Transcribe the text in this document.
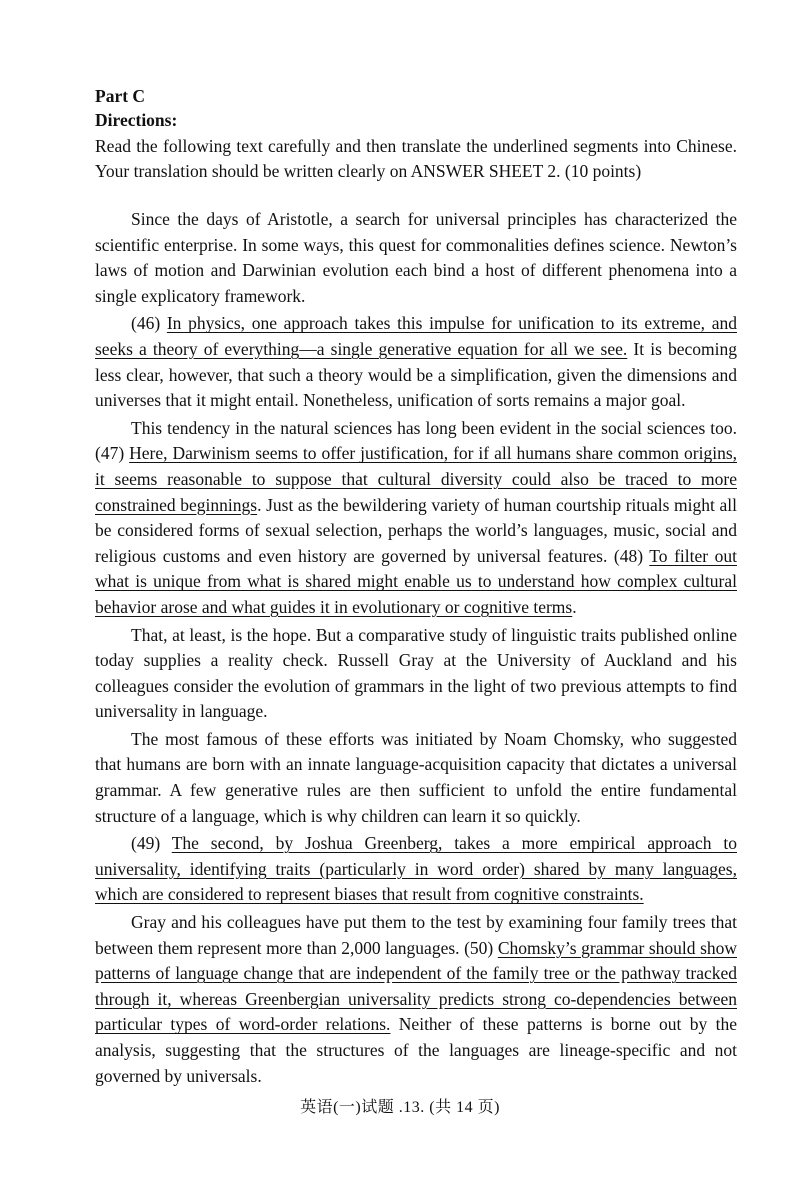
Part C
Directions:
Read the following text carefully and then translate the underlined segments into Chinese. Your translation should be written clearly on ANSWER SHEET 2. (10 points)

Since the days of Aristotle, a search for universal principles has characterized the scientific enterprise. In some ways, this quest for commonalities defines science. Newton’s laws of motion and Darwinian evolution each bind a host of different phenomena into a single explicatory framework.

(46) In physics, one approach takes this impulse for unification to its extreme, and seeks a theory of everything—a single generative equation for all we see. It is becoming less clear, however, that such a theory would be a simplification, given the dimensions and universes that it might entail. Nonetheless, unification of sorts remains a major goal.

This tendency in the natural sciences has long been evident in the social sciences too. (47) Here, Darwinism seems to offer justification, for if all humans share common origins, it seems reasonable to suppose that cultural diversity could also be traced to more constrained beginnings. Just as the bewildering variety of human courtship rituals might all be considered forms of sexual selection, perhaps the world’s languages, music, social and religious customs and even history are governed by universal features. (48) To filter out what is unique from what is shared might enable us to understand how complex cultural behavior arose and what guides it in evolutionary or cognitive terms.

That, at least, is the hope. But a comparative study of linguistic traits published online today supplies a reality check. Russell Gray at the University of Auckland and his colleagues consider the evolution of grammars in the light of two previous attempts to find universality in language.

The most famous of these efforts was initiated by Noam Chomsky, who suggested that humans are born with an innate language-acquisition capacity that dictates a universal grammar. A few generative rules are then sufficient to unfold the entire fundamental structure of a language, which is why children can learn it so quickly.

(49) The second, by Joshua Greenberg, takes a more empirical approach to universality, identifying traits (particularly in word order) shared by many languages, which are considered to represent biases that result from cognitive constraints.

Gray and his colleagues have put them to the test by examining four family trees that between them represent more than 2,000 languages. (50) Chomsky’s grammar should show patterns of language change that are independent of the family tree or the pathway tracked through it, whereas Greenbergian universality predicts strong co-dependencies between particular types of word-order relations. Neither of these patterns is borne out by the analysis, suggesting that the structures of the languages are lineage-specific and not governed by universals.

英语(一)试题 .13. (共 14 页)
